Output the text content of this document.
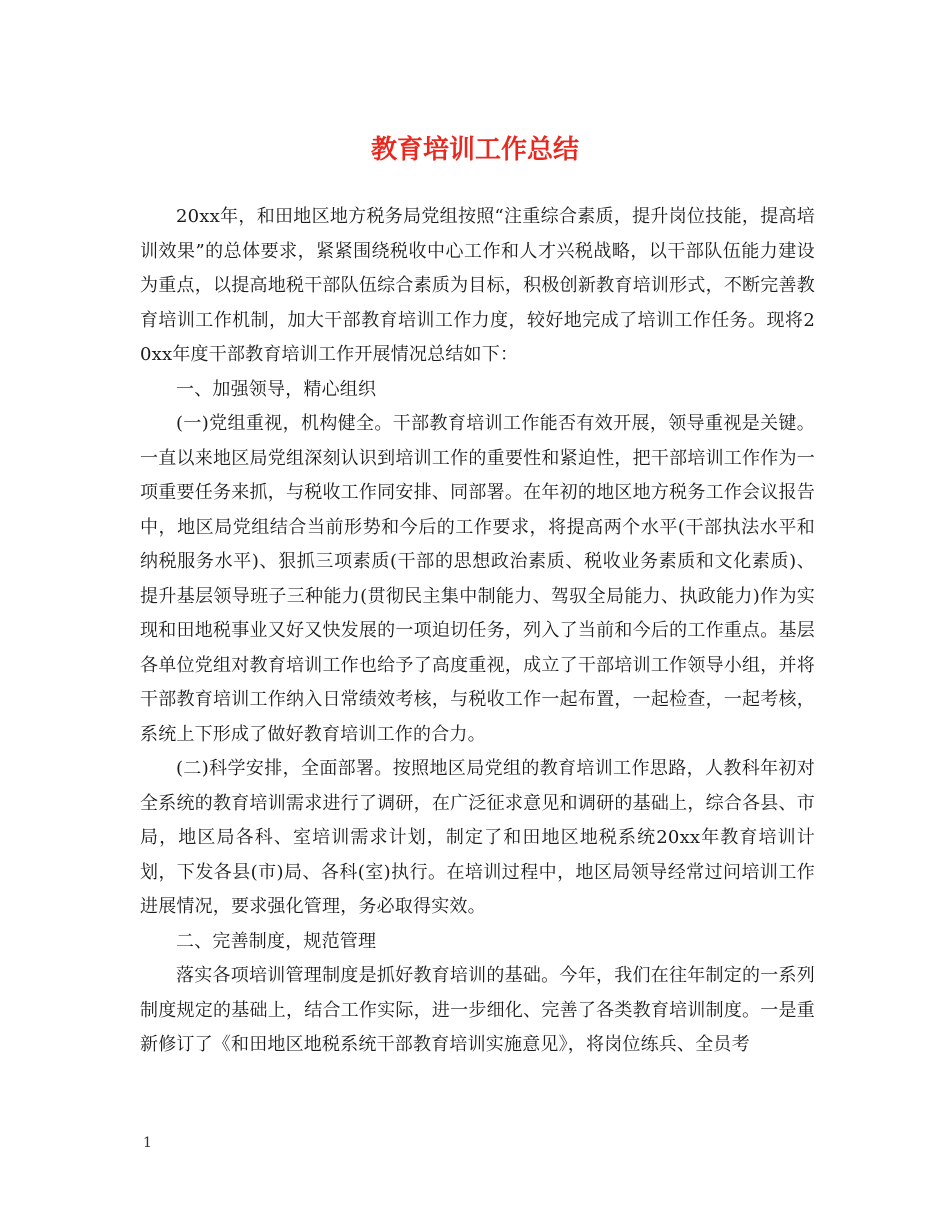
教育培训工作总结

20xx年，和田地区地方税务局党组按照“注重综合素质，提升岗位技能，提高培训效果”的总体要求，紧紧围绕税收中心工作和人才兴税战略，以干部队伍能力建设为重点，以提高地税干部队伍综合素质为目标，积极创新教育培训形式，不断完善教育培训工作机制，加大干部教育培训工作力度，较好地完成了培训工作任务。现将20xx年度干部教育培训工作开展情况总结如下：

一、加强领导，精心组织

(一)党组重视，机构健全。干部教育培训工作能否有效开展，领导重视是关键。一直以来地区局党组深刻认识到培训工作的重要性和紧迫性，把干部培训工作作为一项重要任务来抓，与税收工作同安排、同部署。在年初的地区地方税务工作会议报告中，地区局党组结合当前形势和今后的工作要求，将提高两个水平(干部执法水平和纳税服务水平)、狠抓三项素质(干部的思想政治素质、税收业务素质和文化素质)、提升基层领导班子三种能力(贯彻民主集中制能力、驾驭全局能力、执政能力)作为实现和田地税事业又好又快发展的一项迫切任务，列入了当前和今后的工作重点。基层各单位党组对教育培训工作也给予了高度重视，成立了干部培训工作领导小组，并将干部教育培训工作纳入日常绩效考核，与税收工作一起布置，一起检查，一起考核，系统上下形成了做好教育培训工作的合力。

(二)科学安排，全面部署。按照地区局党组的教育培训工作思路，人教科年初对全系统的教育培训需求进行了调研，在广泛征求意见和调研的基础上，综合各县、市局，地区局各科、室培训需求计划，制定了和田地区地税系统20xx年教育培训计划，下发各县(市)局、各科(室)执行。在培训过程中，地区局领导经常过问培训工作进展情况，要求强化管理，务必取得实效。

二、完善制度，规范管理

落实各项培训管理制度是抓好教育培训的基础。今年，我们在往年制定的一系列制度规定的基础上，结合工作实际，进一步细化、完善了各类教育培训制度。一是重新修订了《和田地区地税系统干部教育培训实施意见》，将岗位练兵、全员考

1
